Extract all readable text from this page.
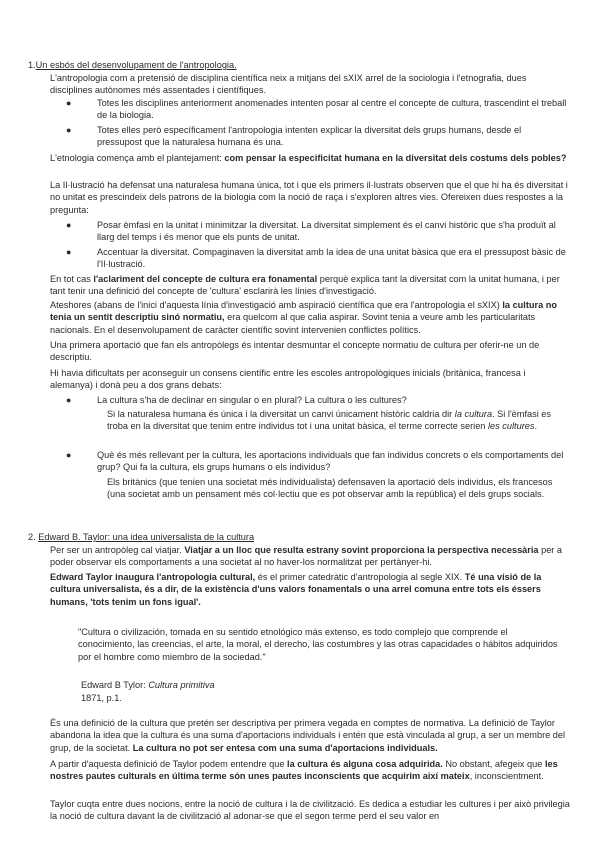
1.Un esbós del desenvolupament de l'antropologia.
L'antropologia com a pretensió de disciplina científica neix a mitjans del sXIX arrel de la sociologia i l'etnografia, dues disciplines autònomes més assentades i científiques.
●	Totes les disciplines anteriorment anomenades intenten posar al centre el concepte de cultura, trascendint el treball de la biologia.
●	Totes elles però específicament l'antropologia intenten explicar la diversitat dels grups humans, desde el pressupost que la naturalesa humana és una.
L'etnologia comença amb el plantejament: com pensar la especificitat humana en la diversitat dels costums dels pobles?
La Il·lustració ha defensat una naturalesa humana única, tot i que els primers il·lustrats observen que el que hi ha és diversitat i no unitat es prescindeix dels patrons de la biologia com la noció de raça i s'exploren altres vies. Ofereixen dues respostes a la pregunta:
●	Posar èmfasi en la unitat i minimitzar la diversitat. La diversitat simplement és el canvi històric que s'ha produït al llarg del temps i és menor que els punts de unitat.
●	Accentuar la diversitat. Compaginaven la diversitat amb la idea de una unitat bàsica que era el pressupost bàsic de l'Il·lustració.
En tot cas l'aclariment del concepte de cultura era fonamental perquè explica tant la diversitat com la unitat humana, i per tant tenir una definició del concepte de 'cultura' esclarirà les línies d'investigació.
Ateshores (abans de l'inici d'aquesta línia d'investigació amb aspiració científica que era l'antropologia el sXIX) la cultura no tenia un sentit descriptiu sinó normatiu, era quelcom al que calia aspirar. Sovint tenia a veure amb les particularitats nacionals. En el desenvolupament de caràcter científic sovint intervenien conflictes polítics.
Una primera aportació que fan els antropòlegs és intentar desmuntar el concepte normatiu de cultura per oferir-ne un de descriptiu.
Hi havia dificultats per aconseguir un consens científic entre les escoles antropològiques inicials (britànica, francesa i alemanya) i donà peu a dos grans debats:
●	La cultura s'ha de declinar en singular o en plural? La cultura o les cultures?
Si la naturalesa humana és única i la diversitat un canvi únicament històric caldria dir la cultura. Si l'èmfasi es troba en la diversitat que tenim entre individus tot i una unitat bàsica, el terme correcte serien les cultures.
●	Què és més rellevant per la cultura, les aportacions individuals que fan individus concrets o els comportaments del grup? Qui fa la cultura, els grups humans o els individus?
Els britànics (que tenien una societat més individualista) defensaven la aportació dels individus, els francesos (una societat amb un pensament més col·lectiu que es pot observar amb la república) el dels grups socials.
2. Edward B. Taylor: una idea universalista de la cultura
Per ser un antropòleg cal viatjar. Viatjar a un lloc que resulta estrany sovint proporciona la perspectiva necessària per a poder observar els comportaments a una societat al no haver-los normalitzat per pertànyer-hi.
Edward Taylor inaugura l'antropologia cultural, és el primer catedràtic d'antropologia al segle XIX. Té una visió de la cultura universalista, és a dir, de la existència d'uns valors fonamentals o una arrel comuna entre tots els éssers humans, 'tots tenim un fons igual'.
"Cultura o civilización, tomada en su sentido etnológico más extenso, es todo complejo que comprende el conocimiento, las creencias, el arte, la moral, el derecho, las costumbres y las otras capacidades o hábitos adquiridos por el hombre como miembro de la sociedad."
Edward B Tylor: Cultura primitiva
1871, p.1.
És una definició de la cultura que pretén ser descriptiva per primera vegada en comptes de normativa. La definició de Taylor abandona la idea que la cultura és una suma d'aportacions individuals i entén que està vinculada al grup, a ser un membre del grup, de la societat. La cultura no pot ser entesa com una suma d'aportacions individuals.
A partir d'aquesta definició de Taylor podem entendre que la cultura és alguna cosa adquirida. No obstant, afegeix que les nostres pautes culturals en última terme són unes pautes inconscients que acquirim així mateix, inconscientment.
Taylor cuqta entre dues nocions, entre la noció de cultura i la de civilització. Es dedica a estudiar les cultures i per això privilegia la noció de cultura davant la de civilització al adonar-se que el segon terme perd el seu valor en
